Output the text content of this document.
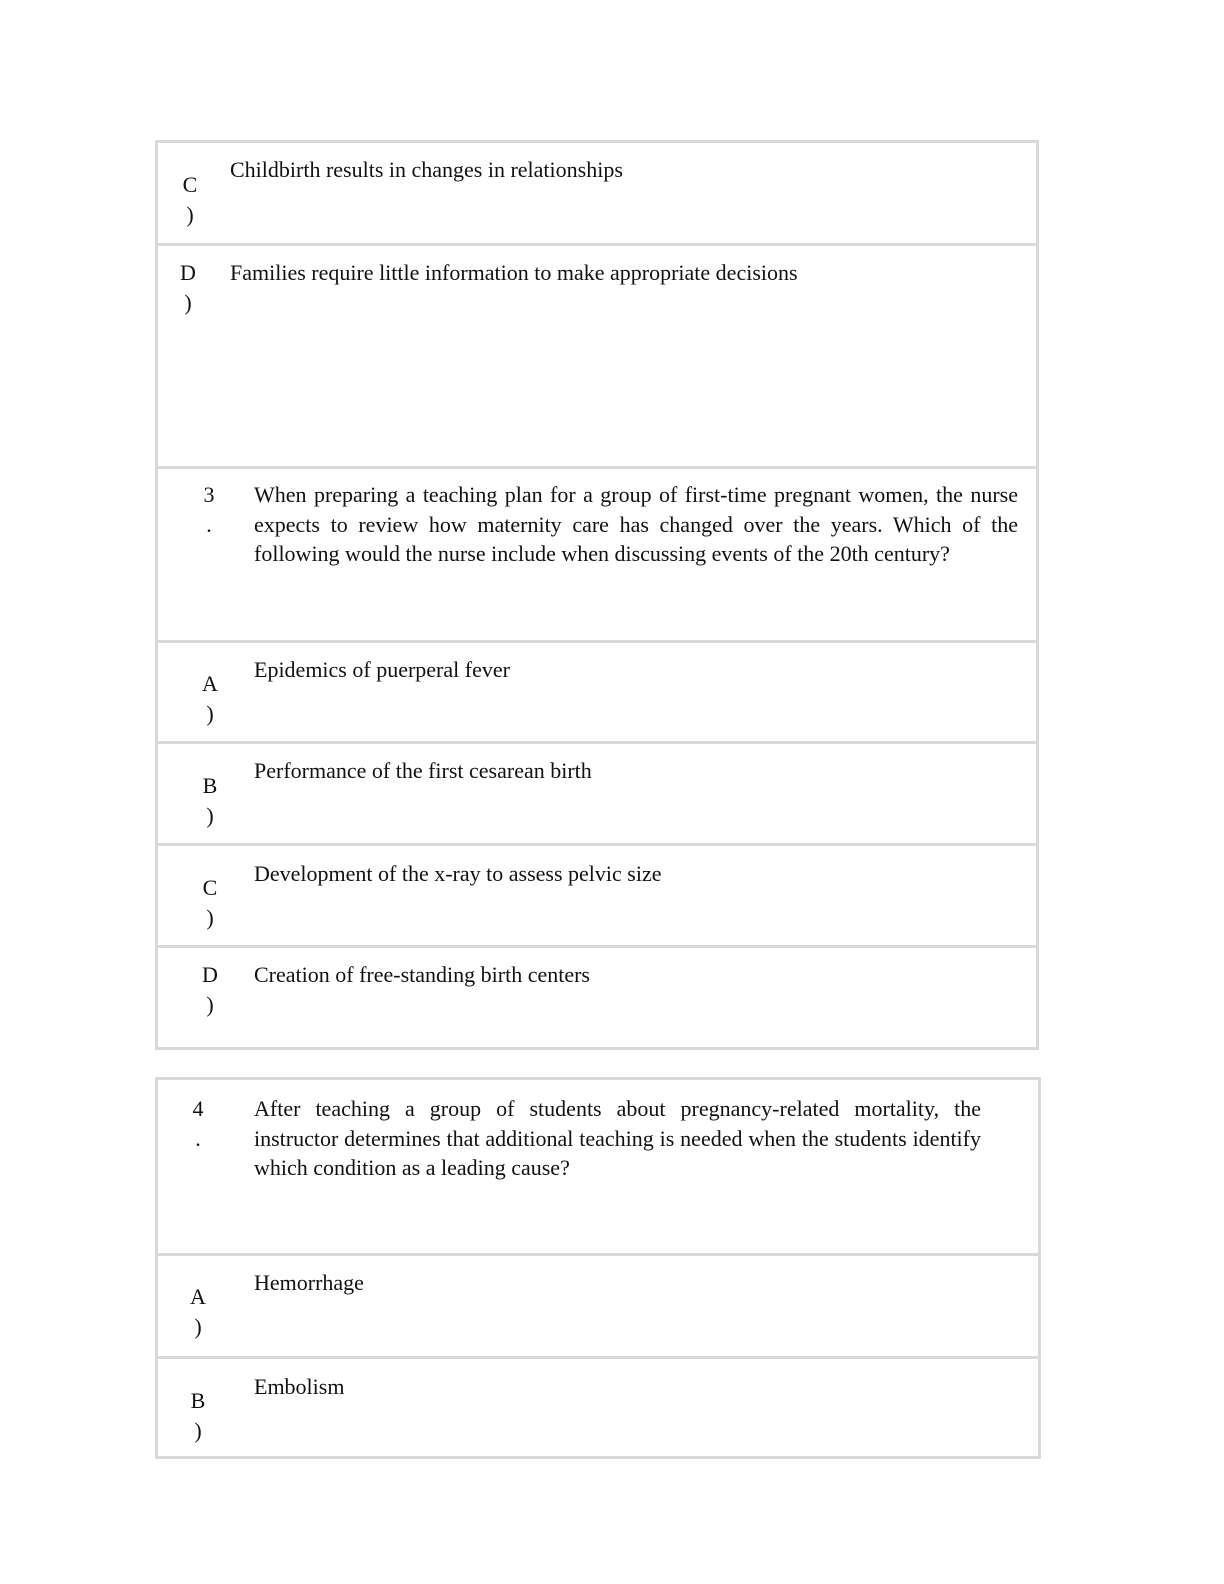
C
)
Childbirth results in changes in relationships
D
)
Families require little information to make appropriate decisions
3
.
When preparing a teaching plan for a group of first-time pregnant women, the nurse expects to review how maternity care has changed over the years. Which of the following would the nurse include when discussing events of the 20th century?
A
)
Epidemics of puerperal fever
B
)
Performance of the first cesarean birth
C
)
Development of the x-ray to assess pelvic size
D
)
Creation of free-standing birth centers
4
.
After teaching a group of students about pregnancy-related mortality, the instructor determines that additional teaching is needed when the students identify which condition as a leading cause?
A
)
Hemorrhage
B
)
Embolism
